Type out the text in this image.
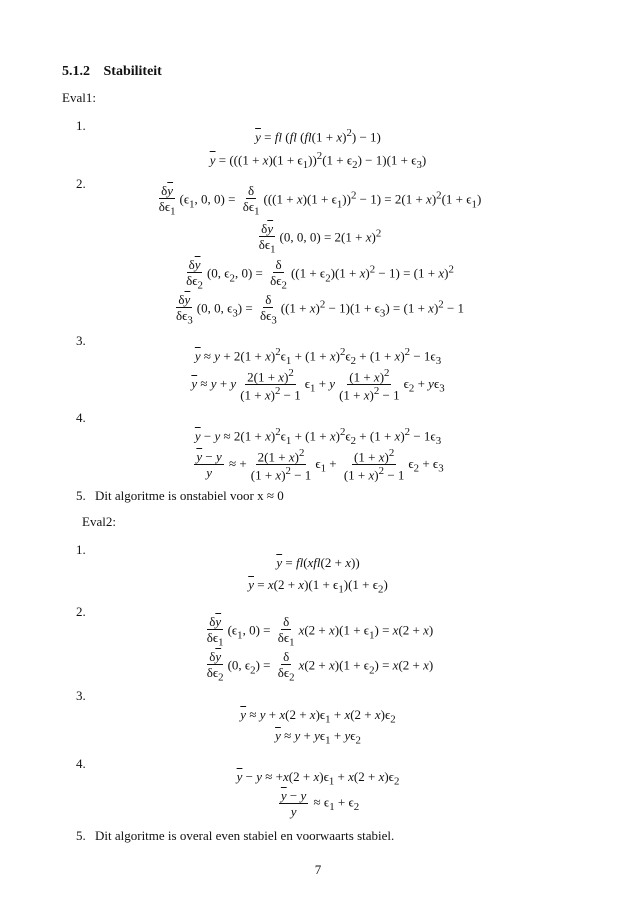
5.1.2 Stabiliteit
Eval1:
1.
$\overline{y}$ = fl (fl $(fl(1 + x)^2) - 1$)
$\overline{y} = (((1 + x)(1 + \epsilon_1))^2(1 + \epsilon_2) - 1)(1 + \epsilon_3)$
2.
$\frac{\delta\overline{y}}{\delta\epsilon_1} (\epsilon_1$, 0, $0) = \frac{\delta}{\delta\epsilon_1} (((1 + x)(1 + \epsilon_1))^2 - 1) = 2(1 + x)^2(1 + \epsilon_1)$
$\frac{\delta\overline{y}}{\delta\epsilon_1} (0$, 0, $0) = 2(1 + x)^2$
$\frac{\delta\overline{y}}{\delta\epsilon_2} (0$, $\epsilon_2$, $0) = \frac{\delta}{\delta\epsilon_2} ((1 + \epsilon_2)(1 + x)^2 - 1) = (1 + x)^2$
$\frac{\delta\overline{y}}{\delta\epsilon_3} (0$, 0, $\epsilon_3) = \frac{\delta}{\delta\epsilon_3} ((1 + x)^2 - 1)(1 + \epsilon_3) = (1 + x)^2 - 1$
3.
$\overline{y} \approx y + 2(1 + x)^2\epsilon_1 + (1 + x)^2\epsilon_2 + (1 + x)^2 - 1\epsilon_3$
$\overline{y} \approx y + y \frac{2(1 + x)^2}{(1 + x)^2 - 1} \epsilon_1 + y \frac{(1 + x)^2}{(1 + x)^2 - 1} \epsilon_2 + y\epsilon_3$
4.
$\overline{y} - y \approx 2(1 + x)^2\epsilon_1 + (1 + x)^2\epsilon_2 + (1 + x)^2 - 1\epsilon_3$
$\frac{\overline{y} - y}{y}$ ≈ + $\frac{2(1 + x)^2}{(1 + x)^2 - 1} \epsilon_1 + \frac{(1 + x)^2}{(1 + x)^2 - 1} \epsilon_2 + \epsilon_3$
5. Dit algoritme is onstabiel voor x ≈ 0
Eval2:
1.
$\overline{y} = fl(xfl(2 + x))$
$\overline{y} = x(2 + x)(1 + \epsilon_1)(1 + \epsilon_2)$
2.
$\frac{\delta\overline{y}}{\delta\epsilon_1} (\epsilon_1$, $0) = \frac{\delta}{\delta\epsilon_1} x(2 + x)(1 + \epsilon_1) = x(2 + x)$
$\frac{\delta\overline{y}}{\delta\epsilon_2} (0$, $\epsilon_2) = \frac{\delta}{\delta\epsilon_2} x(2 + x)(1 + \epsilon_2) = x(2 + x)$
3.
$\overline{y} \approx y + x(2 + x)\epsilon_1 + x(2 + x)\epsilon_2$
$\overline{y} \approx y + y\epsilon_1 + y\epsilon_2$
4.
$\overline{y} - y \approx +x(2 + x)\epsilon_1 + x(2 + x)\epsilon_2$
$\frac{\overline{y} - y}{y} \approx \epsilon_1 + \epsilon_2$
5. Dit algoritme is overal even stabiel en voorwaarts stabiel.
7
